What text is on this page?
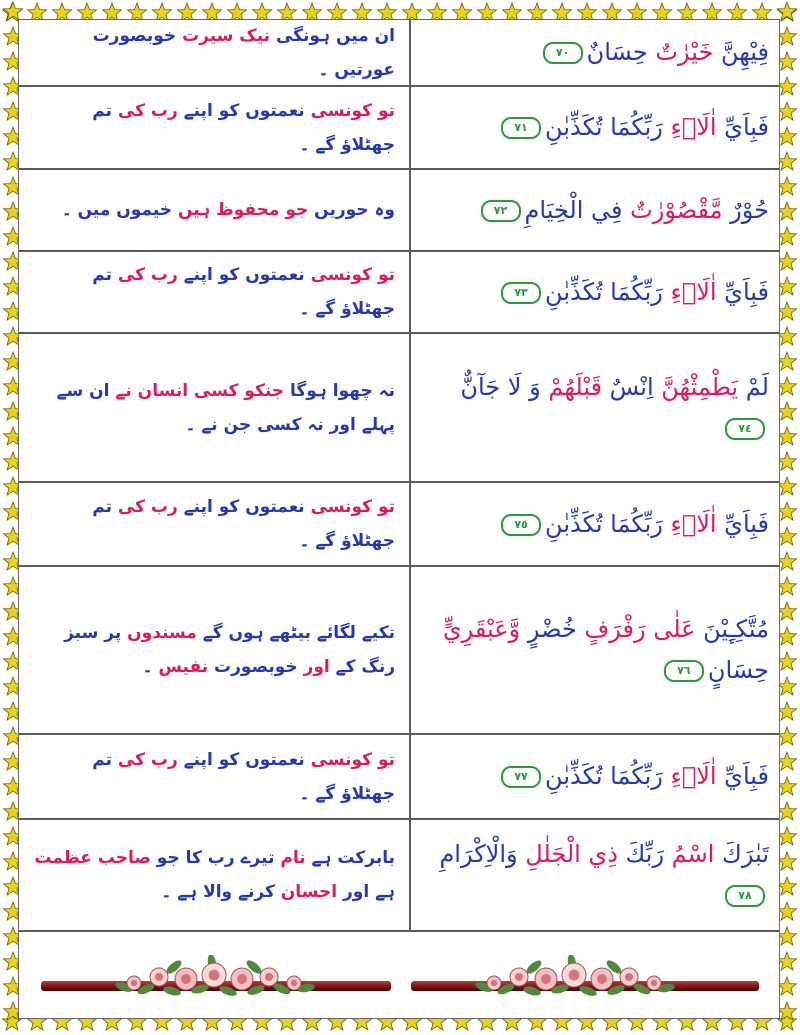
فِيْهِنَّ خَيْرٰتٌ حِسَانٌ٧٠
ان میں ہونگی نیک سیرت خوبصورت عورتیں ۔
فَبِاَيِّ اٰلَاۤءِ رَبِّكُمَا تُكَذِّبٰنِ٧١
تو کونسی نعمتوں کو اپنے رب کی تم جھٹلاؤ گے ۔
حُوْرٌ مَّقْصُوْرٰتٌ فِي الْخِيَامِ٧٢
وہ حوریں جو محفوظ ہیں خیموں میں ۔
فَبِاَيِّ اٰلَاۤءِ رَبِّكُمَا تُكَذِّبٰنِ٧٣
تو کونسی نعمتوں کو اپنے رب کی تم جھٹلاؤ گے ۔
لَمْ يَطْمِثْهُنَّ اِنْسٌ قَبْلَهُمْ وَ لَا جَآنٌّ٧٤
نہ چھوا ہوگا جنکو کسی انسان نے ان سے پہلے اور نہ کسی جن نے ۔
فَبِاَيِّ اٰلَاۤءِ رَبِّكُمَا تُكَذِّبٰنِ٧٥
تو کونسی نعمتوں کو اپنے رب کی تم جھٹلاؤ گے ۔
مُتَّكِـِٕيْنَ عَلٰى رَفْرَفٍ خُضْرٍ وَّعَبْقَرِيٍّ حِسَانٍ٧٦
تکیے لگائے بیٹھے ہوں گے مسندوں پر سبز رنگ کے اور خوبصورت نفیس ۔
فَبِاَيِّ اٰلَاۤءِ رَبِّكُمَا تُكَذِّبٰنِ٧٧
تو کونسی نعمتوں کو اپنے رب کی تم جھٹلاؤ گے ۔
تَبٰرَكَ اسْمُ رَبِّكَ ذِي الْجَلٰلِ وَالْاِكْرَامِ٧٨
بابرکت ہے نام تیرے رب کا جو صاحب عظمت ہے اور احسان کرنے والا ہے ۔
